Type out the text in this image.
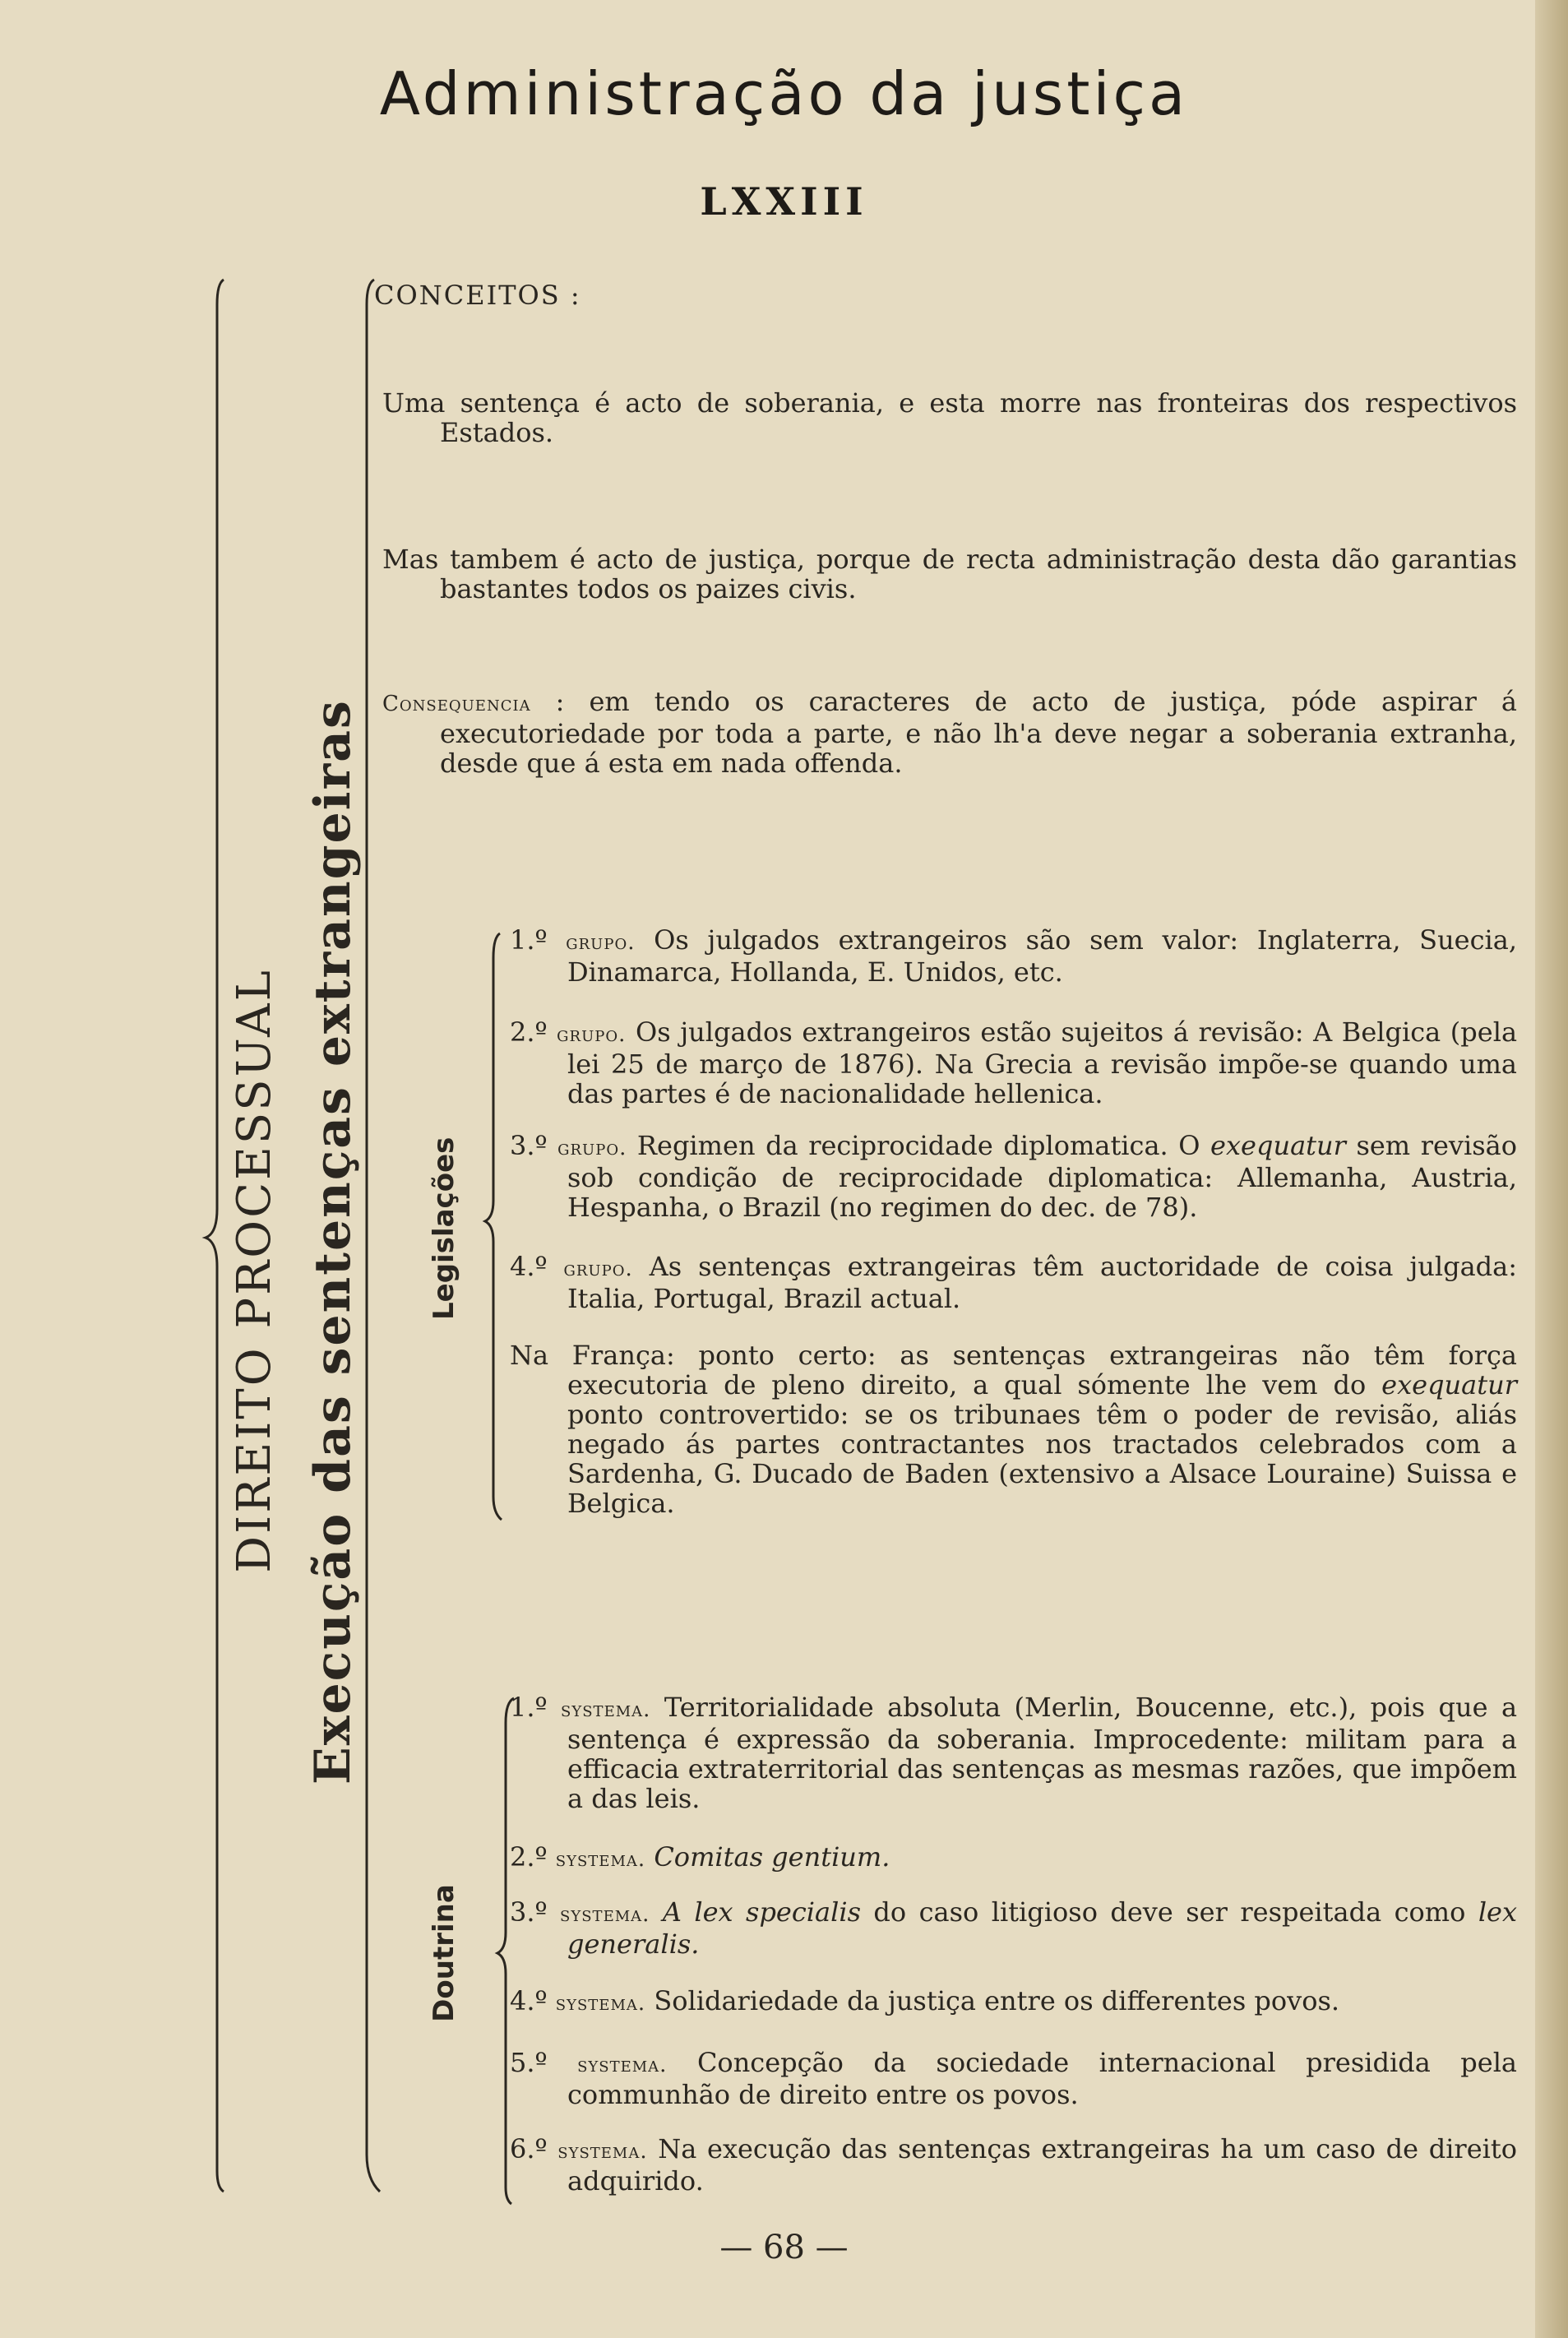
Administração da justiça
LXXIII
DIREITO PROCESSUAL Execução das sentenças extrangeiras Legislações
Doutrina
CONCEITOS :
Uma sentença é acto de soberania, e esta morre nas fronteiras dos respectivos Estados.
Mas tambem é acto de justiça, porque de recta administração desta dão garantias bastantes todos os paizes civis.
Consequencia : em tendo os caracteres de acto de justiça, póde aspirar á executoriedade por toda a parte, e não lh'a deve negar a soberania extranha, desde que á esta em nada offenda.
1.º grupo. Os julgados extrangeiros são sem valor: Inglaterra, Suecia, Dinamarca, Hollanda, E. Unidos, etc.
2.º grupo. Os julgados extrangeiros estão sujeitos á revisão: A Belgica (pela lei 25 de março de 1876). Na Grecia a revisão impõe-se quando uma das partes é de nacionalidade hellenica.
3.º grupo. Regimen da reciprocidade diplomatica. O exequatur sem revisão sob condição de reciprocidade diplomatica: Allemanha, Austria, Hespanha, o Brazil (no regimen do dec. de 78).
4.º grupo. As sentenças extrangeiras têm auctoridade de coisa julgada: Italia, Portugal, Brazil actual.
Na França: ponto certo: as sentenças extrangeiras não têm força executoria de pleno direito, a qual sómente lhe vem do exequatur ponto controvertido: se os tribunaes têm o poder de revisão, aliás negado ás partes contractantes nos tractados celebrados com a Sardenha, G. Ducado de Baden (extensivo a Alsace Louraine) Suissa e Belgica.
1.º systema. Territorialidade absoluta (Merlin, Boucenne, etc.), pois que a sentença é expressão da soberania. Improcedente: militam para a efficacia extraterritorial das sentenças as mesmas razões, que impõem a das leis.
2.º systema. Comitas gentium.
3.º systema. A lex specialis do caso litigioso deve ser respeitada como lex generalis.
4.º systema. Solidariedade da justiça entre os differentes povos.
5.º systema. Concepção da sociedade internacional presidida pela communhão de direito entre os povos.
6.º systema. Na execução das sentenças extrangeiras ha um caso de direito adquirido.
— 68 —
